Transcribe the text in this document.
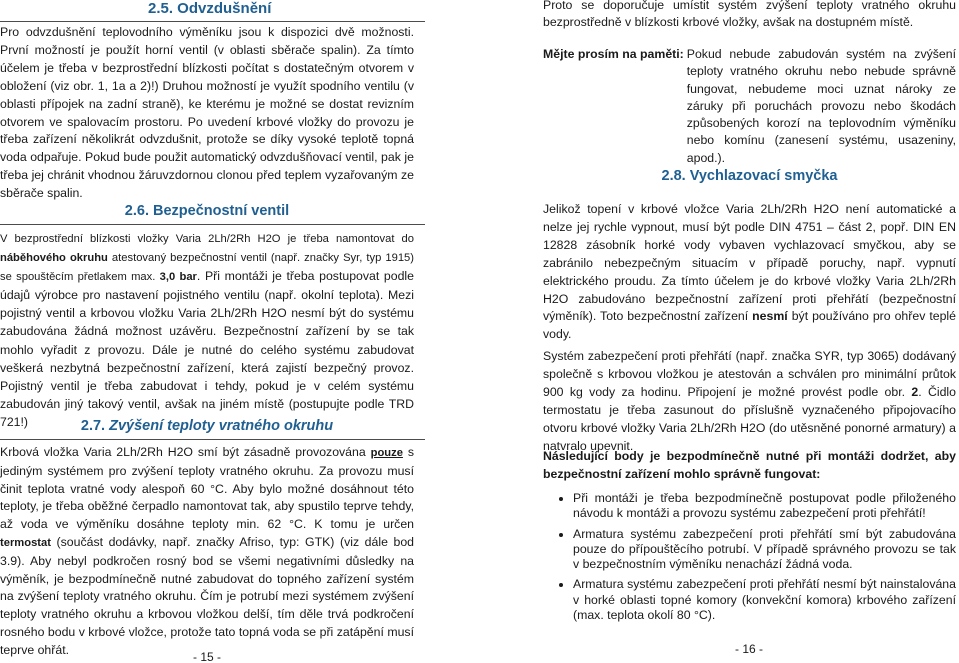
2.5. Odvzdušnění

Pro odvzdušnění teplovodního výměníku jsou k dispozici dvě možnosti. První možností je použít horní ventil (v oblasti sběrače spalin). Za tímto účelem je třeba v bezprostřední blízkosti počítat s dostatečným otvorem v obložení (viz obr. 1, 1a a 2)!) Druhou možností je využít spodního ventilu (v oblasti přípojek na zadní straně), ke kterému je možné se dostat revizním otvorem ve spalovacím prostoru. Po uvedení krbové vložky do provozu je třeba zařízení několikrát odvzdušnit, protože se díky vysoké teplotě topná voda odpařuje. Pokud bude použit automatický odvzdušňovací ventil, pak je třeba jej chránit vhodnou žáruvzdornou clonou před teplem vyzařovaným ze sběrače spalin.

2.6. Bezpečnostní ventil

V bezprostřední blízkosti vložky Varia 2Lh/2Rh H2O je třeba namontovat do náběhového okruhu atestovaný bezpečnostní ventil (např. značky Syr, typ 1915) se spouštěcím přetlakem max. 3,0 bar. Při montáži je třeba postupovat podle údajů výrobce pro nastavení pojistného ventilu (např. okolní teplota). Mezi pojistný ventil a krbovou vložku Varia 2Lh/2Rh H2O nesmí být do systému zabudována žádná možnost uzávěru. Bezpečnostní zařízení by se tak mohlo vyřadit z provozu. Dále je nutné do celého systému zabudovat veškerá nezbytná bezpečnostní zařízení, která zajistí bezpečný provoz. Pojistný ventil je třeba zabudovat i tehdy, pokud je v celém systému zabudován jiný takový ventil, avšak na jiném místě (postupujte podle TRD 721!)	2.7. Zvýšení teploty vratného okruhu

Krbová vložka Varia 2Lh/2Rh H2O smí být zásadně provozována pouze s jediným systémem pro zvýšení teploty vratného okruhu. Za provozu musí činit teplota vratné vody alespoň 60 °C. Aby bylo možné dosáhnout této teploty, je třeba oběžné čerpadlo namontovat tak, aby spustilo teprve tehdy, až voda ve výměníku dosáhne teploty min. 62 °C. K tomu je určen termostat (součást dodávky, např. značky Afriso, typ: GTK) (viz dále bod 3.9). Aby nebyl podkročen rosný bod se všemi negativními důsledky na výměník, je bezpodmínečně nutné zabudovat do topného zařízení systém na zvýšení teploty vratného okruhu. Čím je potrubí mezi systémem zvýšení teploty vratného okruhu a krbovou vložkou delší, tím děle trvá podkročení rosného bodu v krbové vložce, protože tato topná voda se při zatápění musí teprve ohřát.

- 15 -

Proto se doporučuje umístit systém zvýšení teploty vratného okruhu bezprostředně v blízkosti krbové vložky, avšak na dostupném místě.

Mějte prosím na paměti: Pokud nebude zabudován systém na zvýšení teploty vratného okruhu nebo nebude správně fungovat, nebudeme moci uznat nároky ze záruky při poruchách provozu nebo škodách způsobených korozí na teplovodním výměníku nebo komínu (zanesení systému, usazeniny, apod.).
2.8. Vychlazovací smyčka

Jelikož topení v krbové vložce Varia 2Lh/2Rh H2O není automatické a nelze jej rychle vypnout, musí být podle DIN 4751 – část 2, popř. DIN EN 12828 zásobník horké vody vybaven vychlazovací smyčkou, aby se zabránilo nebezpečným situacím v případě poruchy, např. vypnutí elektrického proudu. Za tímto účelem je do krbové vložky Varia 2Lh/2Rh H2O zabudováno bezpečnostní zařízení proti přehřátí (bezpečnostní výměník). Toto bezpečnostní zařízení nesmí být používáno pro ohřev teplé vody.

Systém zabezpečení proti přehřátí (např. značka SYR, typ 3065) dodávaný společně s krbovou vložkou je atestován a schválen pro minimální průtok 900 kg vody za hodinu. Připojení je možné provést podle obr. 2. Čidlo termostatu je třeba zasunout do příslušně vyznačeného připojovacího otvoru krbové vložky Varia 2Lh/2Rh H2O (do utěsněné ponorné armatury) a natvralo upevnit.

Následující body je bezpodmínečně nutné při montáži dodržet, aby bezpečnostní zařízení mohlo správně fungovat:

• Při montáži je třeba bezpodmínečně postupovat podle přiloženého návodu k montáži a provozu systému zabezpečení proti přehřátí!
• Armatura systému zabezpečení proti přehřátí smí být zabudována pouze do přípouštěcího potrubí. V případě správného provozu se tak v bezpečnostním výměníku nenachází žádná voda.
• Armatura systému zabezpečení proti přehřátí nesmí být nainstalována v horké oblasti topné komory (konvekční komora) krbového zařízení (max. teplota okolí 80 °C).
- 16 -
